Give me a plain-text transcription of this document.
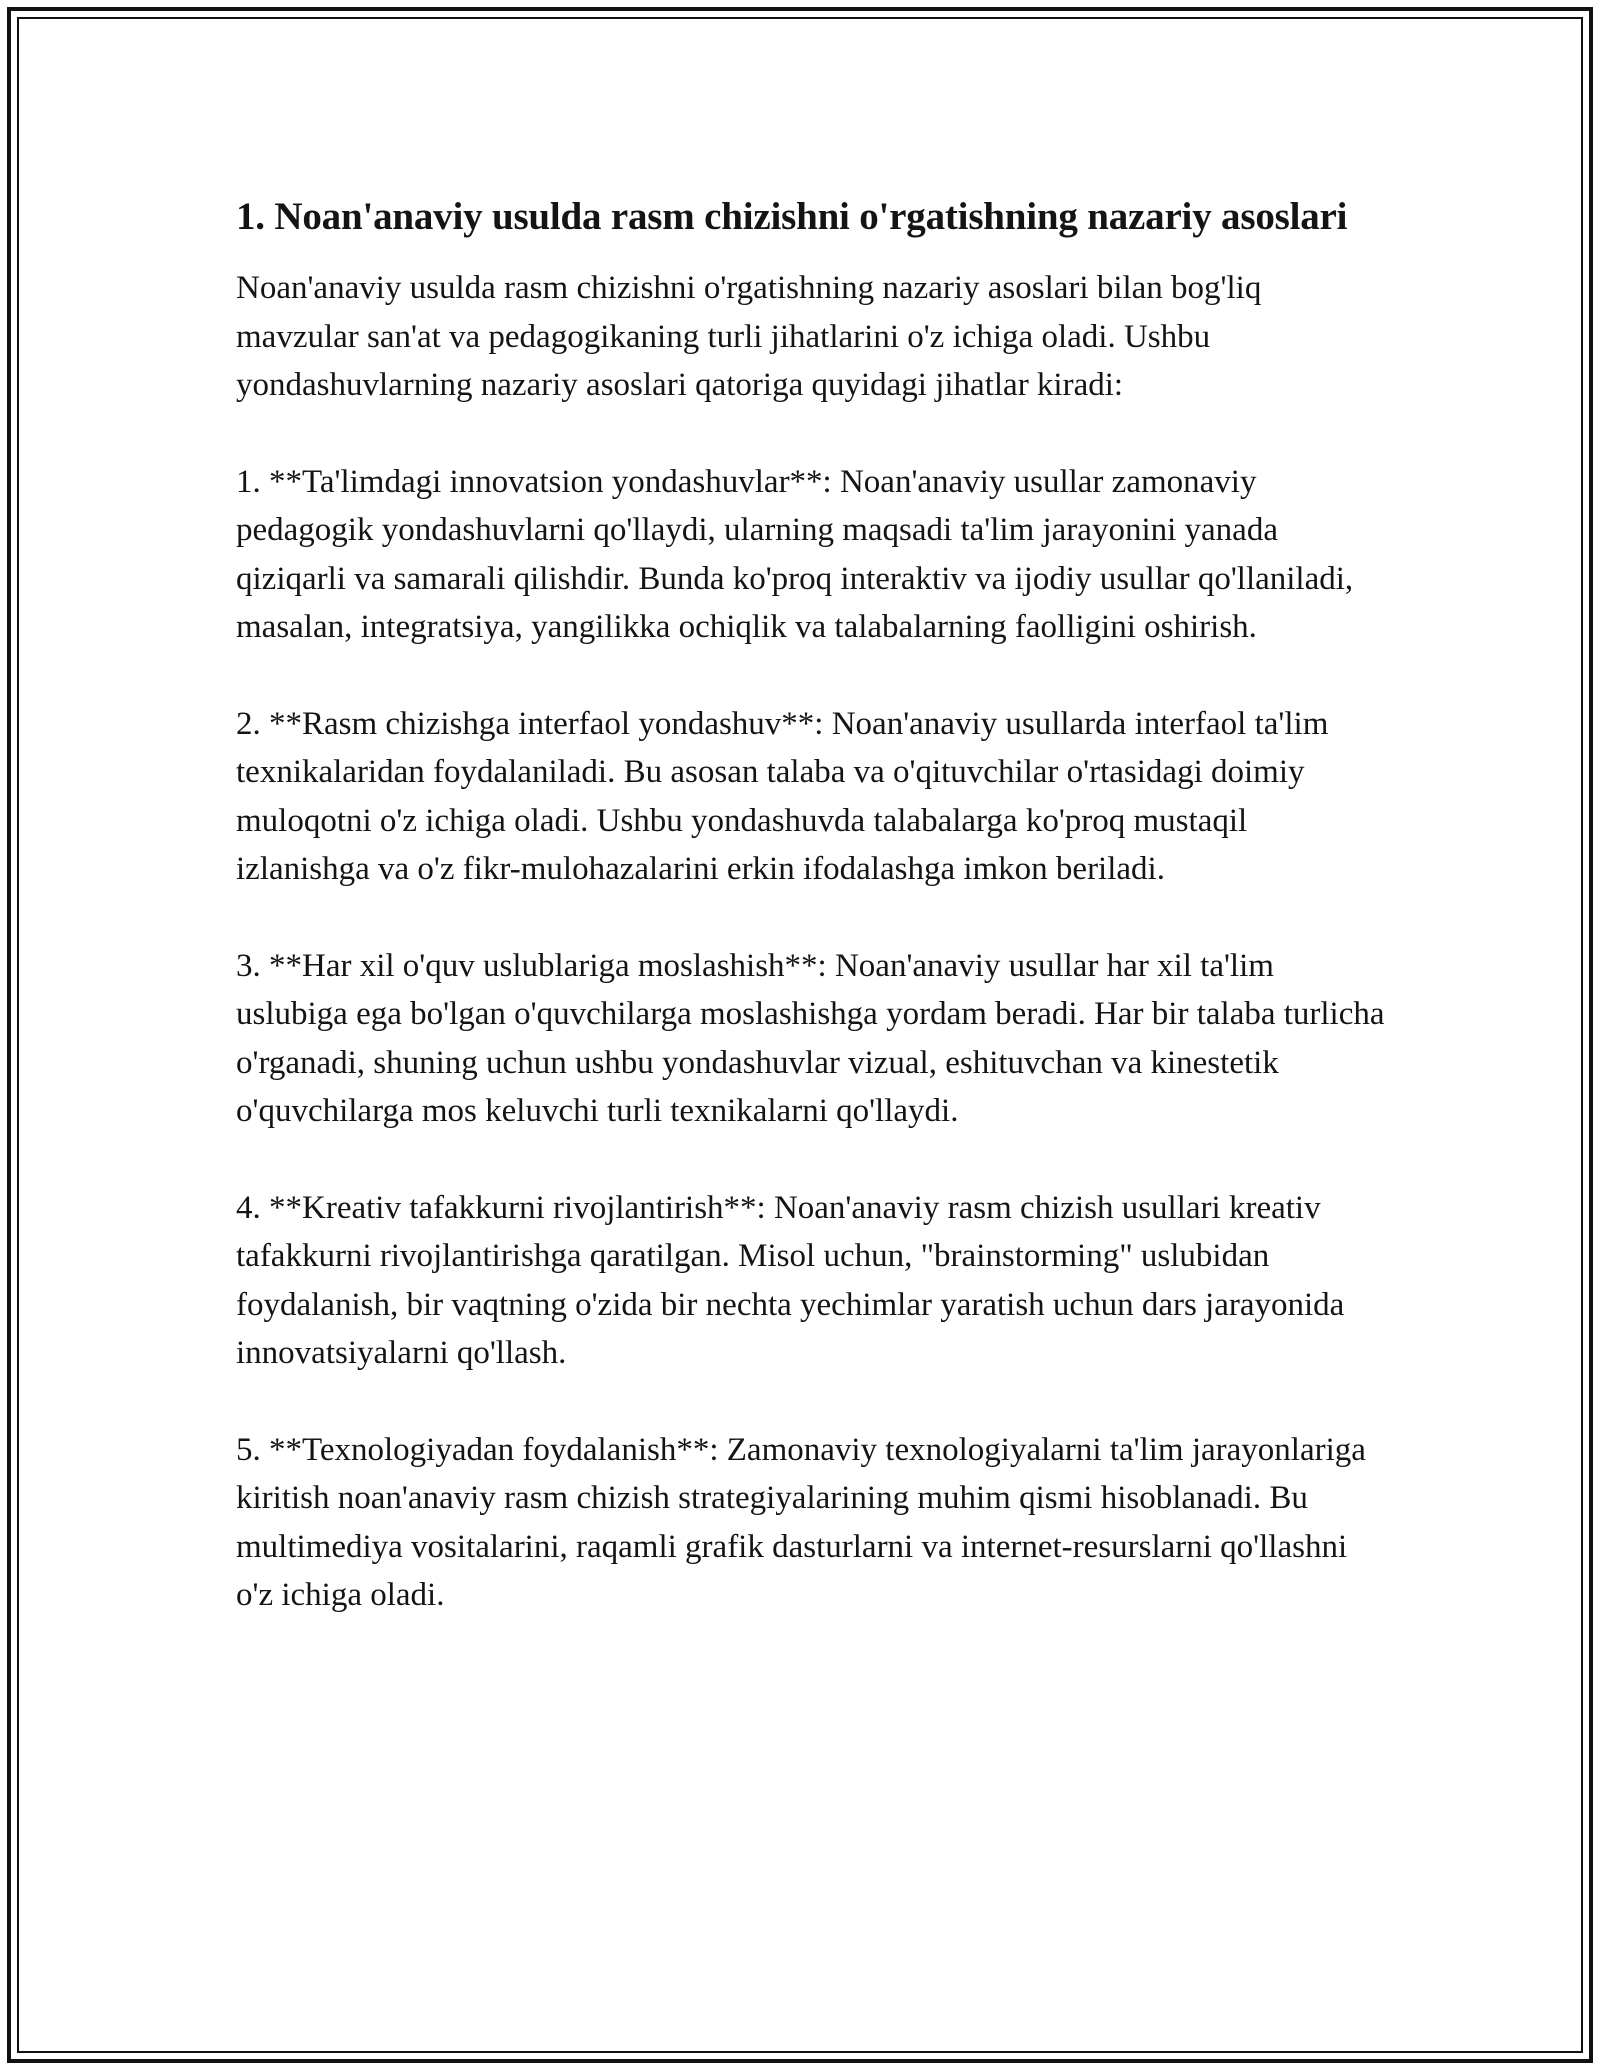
1. Noan'anaviy usulda rasm chizishni o'rgatishning nazariy asoslari

Noan'anaviy usulda rasm chizishni o'rgatishning nazariy asoslari bilan bog'liq mavzular san'at va pedagogikaning turli jihatlarini o'z ichiga oladi. Ushbu yondashuvlarning nazariy asoslari qatoriga quyidagi jihatlar kiradi:

1. **Ta'limdagi innovatsion yondashuvlar**: Noan'anaviy usullar zamonaviy pedagogik yondashuvlarni qo'llaydi, ularning maqsadi ta'lim jarayonini yanada qiziqarli va samarali qilishdir. Bunda ko'proq interaktiv va ijodiy usullar qo'llaniladi, masalan, integratsiya, yangilikka ochiqlik va talabalarning faolligini oshirish.

2. **Rasm chizishga interfaol yondashuv**: Noan'anaviy usullarda interfaol ta'lim texnikalaridan foydalaniladi. Bu asosan talaba va o'qituvchilar o'rtasidagi doimiy muloqotni o'z ichiga oladi. Ushbu yondashuvda talabalarga ko'proq mustaqil izlanishga va o'z fikr-mulohazalarini erkin ifodalashga imkon beriladi.

3. **Har xil o'quv uslublariga moslashish**: Noan'anaviy usullar har xil ta'lim uslubiga ega bo'lgan o'quvchilarga moslashishga yordam beradi. Har bir talaba turlicha o'rganadi, shuning uchun ushbu yondashuvlar vizual, eshituvchan va kinestetik o'quvchilarga mos keluvchi turli texnikalarni qo'llaydi.

4. **Kreativ tafakkurni rivojlantirish**: Noan'anaviy rasm chizish usullari kreativ tafakkurni rivojlantirishga qaratilgan. Misol uchun, "brainstorming" uslubidan foydalanish, bir vaqtning o'zida bir nechta yechimlar yaratish uchun dars jarayonida innovatsiyalarni qo'llash.

5. **Texnologiyadan foydalanish**: Zamonaviy texnologiyalarni ta'lim jarayonlariga kiritish noan'anaviy rasm chizish strategiyalarining muhim qismi hisoblanadi. Bu multimediya vositalarini, raqamli grafik dasturlarni va internet-resurslarni qo'llashni o'z ichiga oladi.
